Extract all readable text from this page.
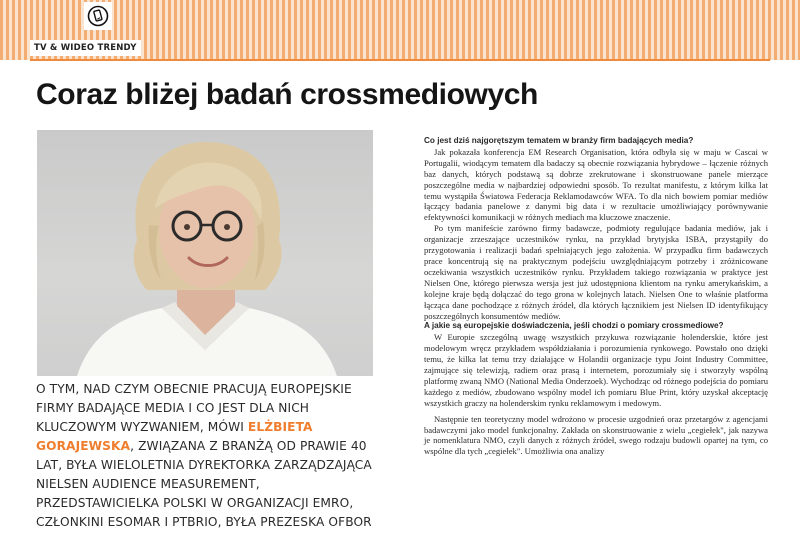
TV & WIDEO TRENDY
Coraz bliżej badań crossmediowych

O TYM, NAD CZYM OBECNIE PRACUJĄ EUROPEJSKIE FIRMY BADAJĄCE MEDIA I CO JEST DLA NICH KLUCZOWYM WYZWANIEM, MÓWI ELŻBIETA GORAJEWSKA, ZWIĄZANA Z BRANŻĄ OD PRAWIE 40 LAT, BYŁA WIELOLETNIA DYREKTORKA ZARZĄDZAJĄCA NIELSEN AUDIENCE MEASUREMENT, PRZEDSTAWICIELKA POLSKI W ORGANIZACJI EMRO, CZŁONKINI ESOMAR I PTBRIO, BYŁA PREZESKA OFBOR

Co jest dziś najgorętszym tematem w branży firm badających media?

Jak pokazała konferencja EM Research Organisation, która odbyła się w maju w Cascai w Portugalii, wiodącym tematem dla badaczy są obecnie rozwiązania hybrydowe – łączenie różnych baz danych, których podstawą są dobrze zrekrutowane i skonstruowane panele mierzące poszczególne media w najbardziej odpowiedni sposób. To rezultat manifestu, z którym kilka lat temu wystąpiła Światowa Federacja Reklamodawców WFA. To dla nich bowiem pomiar mediów łączący badania panelowe z danymi big data i w rezultacie umożliwiający porównywanie efektywności komunikacji w różnych mediach ma kluczowe znaczenie.

Po tym manifeście zarówno firmy badawcze, podmioty regulujące badania mediów, jak i organizacje zrzeszające uczestników rynku, na przykład brytyjska ISBA, przystąpiły do przygotowania i realizacji badań spełniających jego założenia. W przypadku firm badawczych prace koncentrują się na praktycznym podejściu uwzględniającym potrzeby i zróżnicowane oczekiwania wszystkich uczestników rynku. Przykładem takiego rozwiązania w praktyce jest Nielsen One, którego pierwsza wersja jest już udostępniona klientom na rynku amerykańskim, a kolejne kraje będą dołączać do tego grona w kolejnych latach. Nielsen One to właśnie platforma łącząca dane pochodzące z różnych źródeł, dla których łącznikiem jest Nielsen ID identyfikujący poszczególnych konsumentów mediów.

A jakie są europejskie doświadczenia, jeśli chodzi o pomiary crossmediowe?

W Europie szczególną uwagę wszystkich przykuwa rozwiązanie holenderskie, które jest modelowym wręcz przykładem współdziałania i porozumienia rynkowego. Powstało ono dzięki temu, że kilka lat temu trzy działające w Holandii organizacje typu Joint Industry Committee, zajmujące się telewizją, radiem oraz prasą i internetem, porozumiały się i stworzyły wspólną platformę zwaną NMO (National Media Onderzoek). Wychodząc od różnego podejścia do pomiaru każdego z mediów, zbudowano wspólny model ich pomiaru Blue Print, który uzyskał akceptację wszystkich graczy na holenderskim rynku reklamowym i medowym.

Następnie ten teoretyczny model wdrożono w procesie uzgodnień oraz przetargów z agencjami badawczymi jako model funkcjonalny. Zakłada on skonstruowanie z wielu „cegiełek", jak nazywa je nomenklatura NMO, czyli danych z różnych źródeł, swego rodzaju budowli opartej na tym, co wspólne dla tych „cegiełek". Umożliwia ona analizy
